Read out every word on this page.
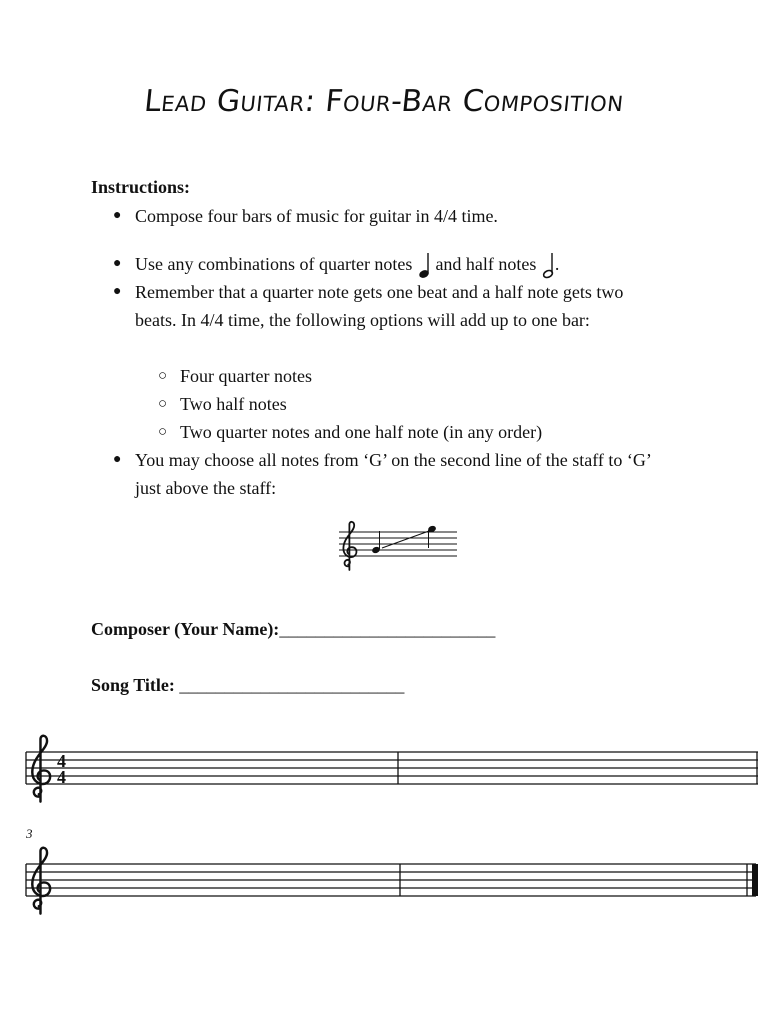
Lead Guitar: Four-Bar Composition
Instructions:
● Compose four bars of music for guitar in 4/4 time.
● Use any combinations of quarter notes and half notes .
● Remember that a quarter note gets one beat and a half note gets two beats. In 4/4 time, the following options will add up to one bar:
○ Four quarter notes
○ Two half notes
○ Two quarter notes and one half note (in any order)
● You may choose all notes from ‘G’ on the second line of the staff to ‘G’ just above the staff:
Composer (Your Name):________________________
Song Title: _________________________
4
4
3
